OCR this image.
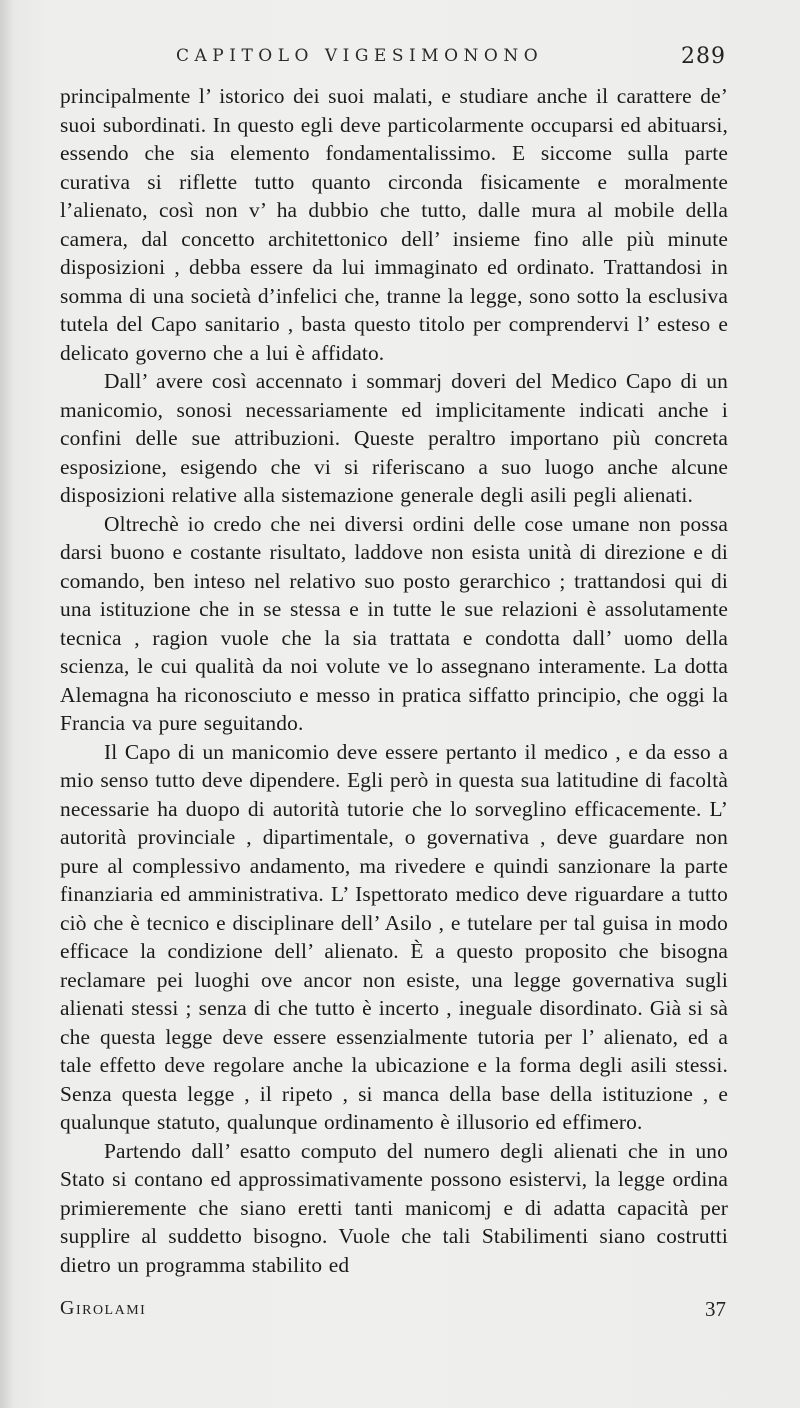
CAPITOLO VIGESIMONONO	289

principalmente l’ istorico dei suoi malati, e studiare anche il carattere de’ suoi subordinati. In questo egli deve particolarmente occuparsi ed abituarsi, essendo che sia elemento fondamentalissimo. E siccome sulla parte curativa si riflette tutto quanto circonda fisicamente e moralmente l’alienato, così non v’ ha dubbio che tutto, dalle mura al mobile della camera, dal concetto architettonico dell’ insieme fino alle più minute disposizioni , debba essere da lui immaginato ed ordinato. Trattandosi in somma di una società d’infelici che, tranne la legge, sono sotto la esclusiva tutela del Capo sanitario , basta questo titolo per comprendervi l’ esteso e delicato governo che a lui è affidato.

Dall’ avere così accennato i sommarj doveri del Medico Capo di un manicomio, sonosi necessariamente ed implicitamente indicati anche i confini delle sue attribuzioni. Queste peraltro importano più concreta esposizione, esigendo che vi si riferiscano a suo luogo anche alcune disposizioni relative alla sistemazione generale degli asili pegli alienati.

Oltrechè io credo che nei diversi ordini delle cose umane non possa darsi buono e costante risultato, laddove non esista unità di direzione e di comando, ben inteso nel relativo suo posto gerarchico ; trattandosi qui di una istituzione che in se stessa e in tutte le sue relazioni è assolutamente tecnica , ragion vuole che la sia trattata e condotta dall’ uomo della scienza, le cui qualità da noi volute ve lo assegnano interamente. La dotta Alemagna ha riconosciuto e messo in pratica siffatto principio, che oggi la Francia va pure seguitando.

Il Capo di un manicomio deve essere pertanto il medico , e da esso a mio senso tutto deve dipendere. Egli però in questa sua latitudine di facoltà necessarie ha duopo di autorità tutorie che lo sorveglino efficacemente. L’ autorità provinciale , dipartimentale, o governativa , deve guardare non pure al complessivo andamento, ma rivedere e quindi sanzionare la parte finanziaria ed amministrativa. L’ Ispettorato medico deve riguardare a tutto ciò che è tecnico e disciplinare dell’ Asilo , e tutelare per tal guisa in modo efficace la condizione dell’ alienato. È a questo proposito che bisogna reclamare pei luoghi ove ancor non esiste, una legge governativa sugli alienati stessi ; senza di che tutto è incerto , ineguale disordinato. Già si sà che questa legge deve essere essenzialmente tutoria per l’ alienato, ed a tale effetto deve regolare anche la ubicazione e la forma degli asili stessi. Senza questa legge , il ripeto , si manca della base della istituzione , e qualunque statuto, qualunque ordinamento è illusorio ed effimero.

Partendo dall’ esatto computo del numero degli alienati che in uno Stato si contano ed approssimativamente possono esistervi, la legge ordina primieremente che siano eretti tanti manicomj e di adatta capacità per supplire al suddetto bisogno. Vuole che tali Stabilimenti siano costrutti dietro un programma stabilito ed

Girolami	37
